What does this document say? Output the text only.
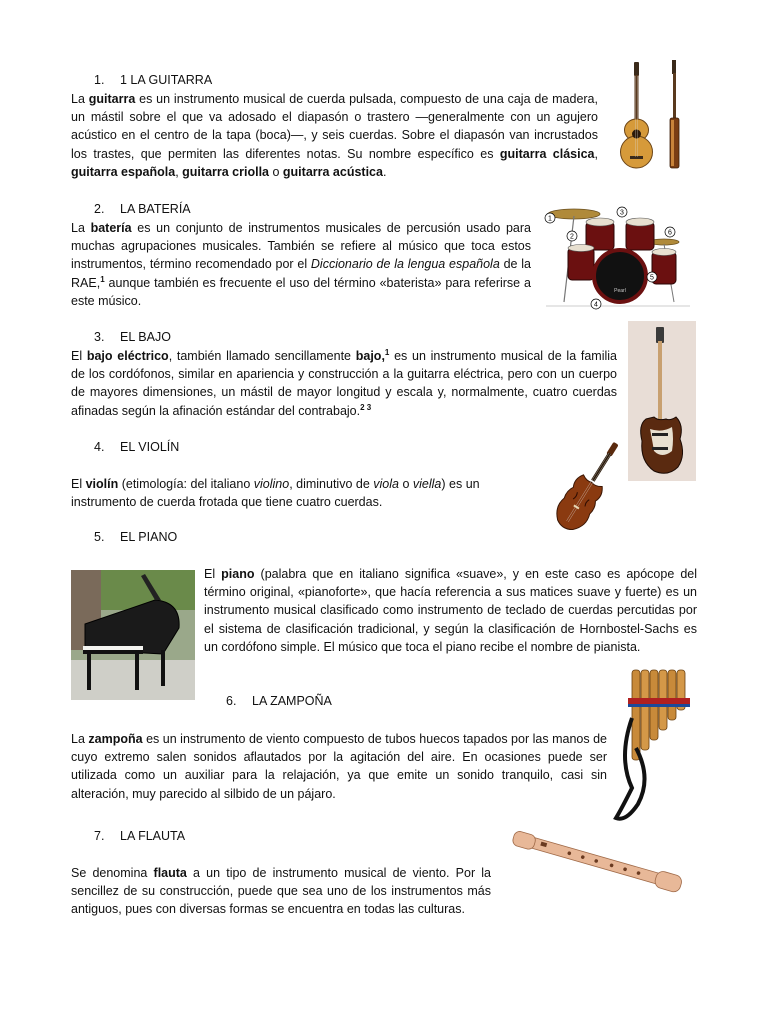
1. 1 LA GUITARRA

La guitarra es un instrumento musical de cuerda pulsada, compuesto de una caja de madera, un mástil sobre el que va adosado el diapasón o trastero —generalmente con un agujero acústico en el centro de la tapa (boca)—, y seis cuerdas. Sobre el diapasón van incrustados los trastes, que permiten las diferentes notas. Su nombre específico es guitarra clásica, guitarra española, guitarra criolla o guitarra acústica.

2. LA BATERÍA

La batería es un conjunto de instrumentos musicales de percusión usado para muchas agrupaciones musicales. También se refiere al músico que toca estos instrumentos, término recomendado por el Diccionario de la lengua española de la RAE,$^1$ aunque también es frecuente el uso del término «baterista» para referirse a este músico.

Pearl
1
2
3
4
5
6
3. EL BAJO

El bajo eléctrico, también llamado sencillamente bajo,$^1$ es un instrumento musical de la familia de los cordófonos, similar en apariencia y construcción a la guitarra eléctrica, pero con un cuerpo de mayores dimensiones, un mástil de mayor longitud y escala y, normalmente, cuatro cuerdas afinadas según la afinación estándar del contrabajo.$^{2 3}$

4. EL VIOLÍN

El violín (etimología: del italiano violino, diminutivo de viola o viella) es un instrumento de cuerda frotada que tiene cuatro cuerdas.

5. EL PIANO

El piano (palabra que en italiano significa «suave», y en este caso es apócope del término original, «pianoforte», que hacía referencia a sus matices suave y fuerte) es un instrumento musical clasificado como instrumento de teclado de cuerdas percutidas por el sistema de clasificación tradicional, y según la clasificación de Hornbostel-Sachs es un cordófono simple. El músico que toca el piano recibe el nombre de pianista.

6. LA ZAMPOÑA

La zampoña es un instrumento de viento compuesto de tubos huecos tapados por las manos de cuyo extremo salen sonidos aflautados por la agitación del aire. En ocasiones puede ser utilizada como un auxiliar para la relajación, ya que emite un sonido tranquilo, casi sin alteración, muy parecido al silbido de un pájaro.

7. LA FLAUTA

Se denomina flauta a un tipo de instrumento musical de viento. Por la sencillez de su construcción, puede que sea uno de los instrumentos más antiguos, pues con diversas formas se encuentra en todas las culturas.
